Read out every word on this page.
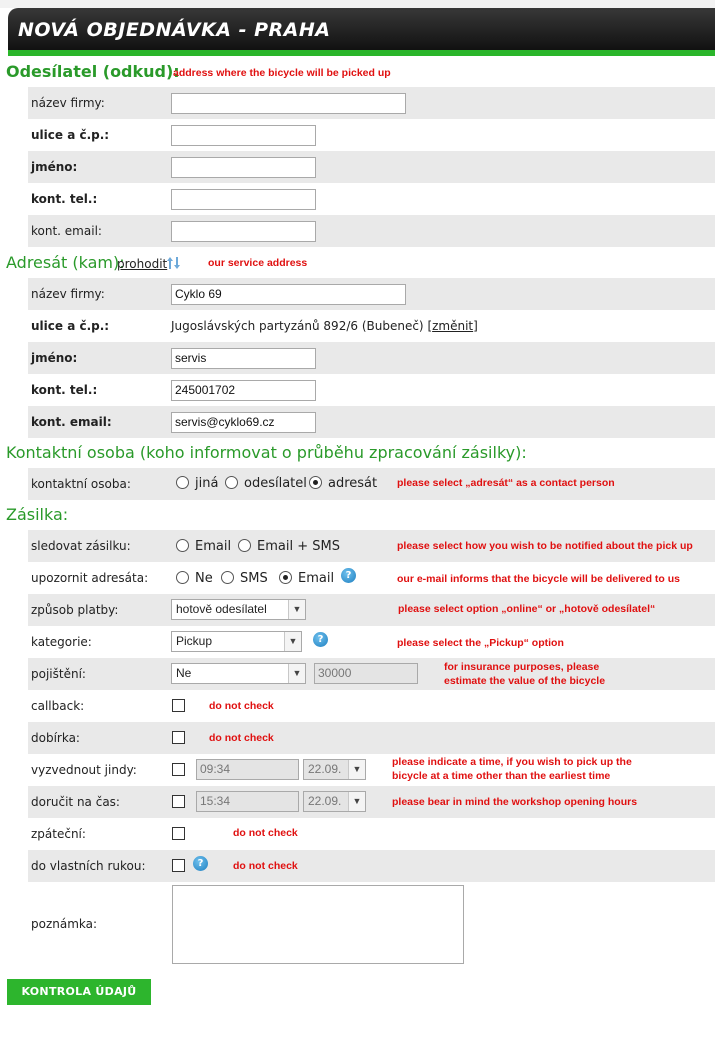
NOVÁ OBJEDNÁVKA - PRAHA
Odesílatel (odkud):
address where the bicycle will be picked up
název firmy:
ulice a č.p.:
jméno:
kont. tel.:
kont. email:
Adresát (kam):
prohodit	our service address
název firmy:	Cyklo 69
ulice a č.p.:	Jugoslávských partyzánů 892/6 (Bubeneč) [změnit]
jméno:	servis
kont. tel.:	245001702
kont. email:	servis@cyklo69.cz
Kontaktní osoba (koho informovat o průběhu zpracování zásilky):
kontaktní osoba:	jiná odesílatel adresát please select „adresát“ as a contact person
Zásilka:
sledovat zásilku:	Email Email + SMS	please select how you wish to be notified about the pick up
upozornit adresáta:	Ne SMS Email	?	our e-mail informs that the bicycle will be delivered to us
způsob platby:	hotově odesílatel	▼	please select option „online“ or „hotově odesílatel“
kategorie:	Pickup	▼	?	please select the „Pickup“ option
pojištění:	Ne	▼	30000	for insurance purposes, please
estimate the value of the bicycle
callback:	do not check
dobírka:	do not check
vyzvednout jindy:	09:34	22.09.	▼
please indicate a time, if you wish to pick up the
bicycle at a time other than the earliest time
doručit na čas:	15:34	22.09.	▼	please bear in mind the workshop opening hours
zpáteční:	do not check
do vlastních rukou:	?	do not check
poznámka:
KONTROLA ÚDAJŮ
